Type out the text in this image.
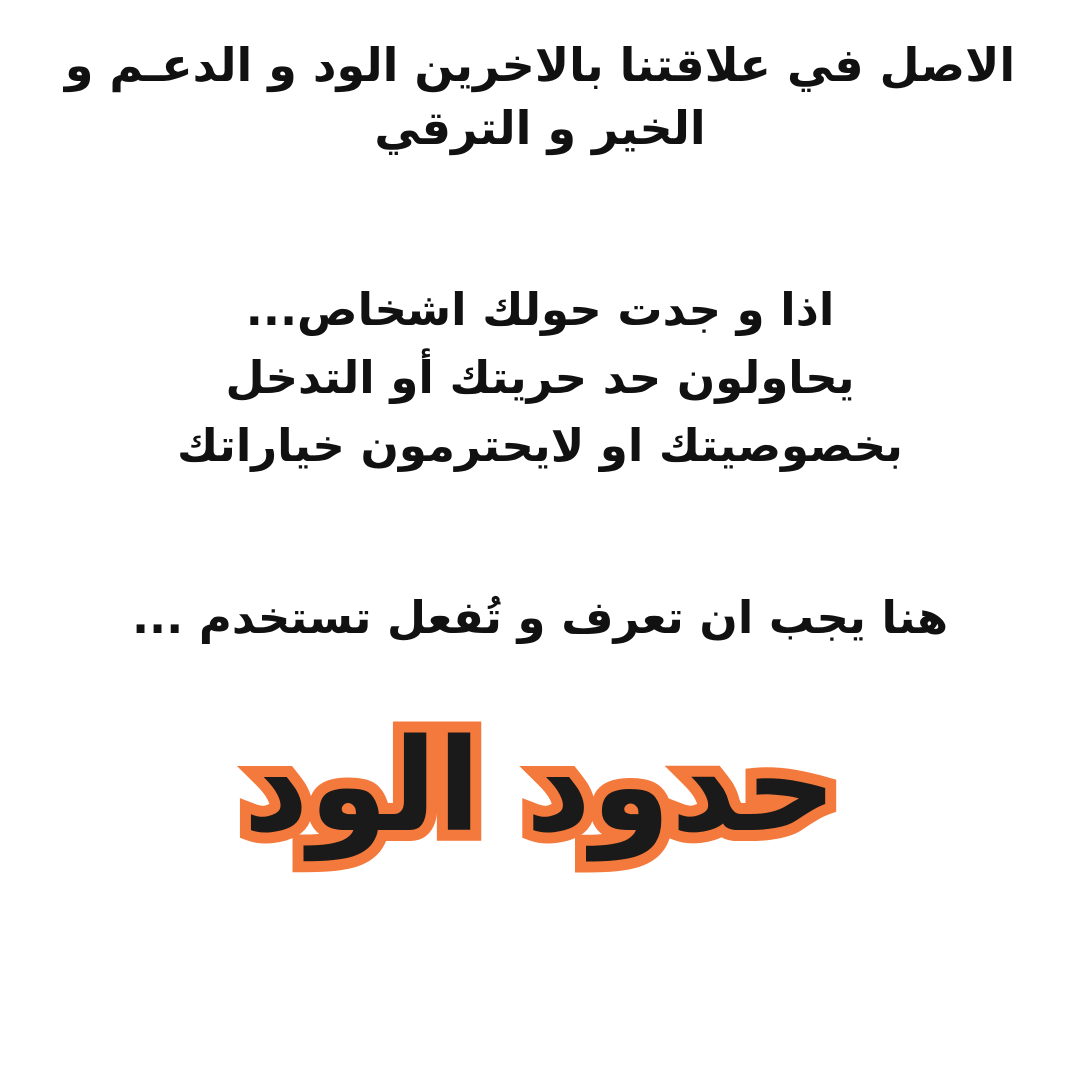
الاصل في علاقتنا بالاخرين الود و الدعـم و الخير و الترقي
اذا و جدت حولك اشخاص...
يحاولون حد حريتك أو التدخل
بخصوصيتك او لايحترمون خياراتك
هنا يجب ان تعرف و تُفعل تستخدم ...
حدود الود
